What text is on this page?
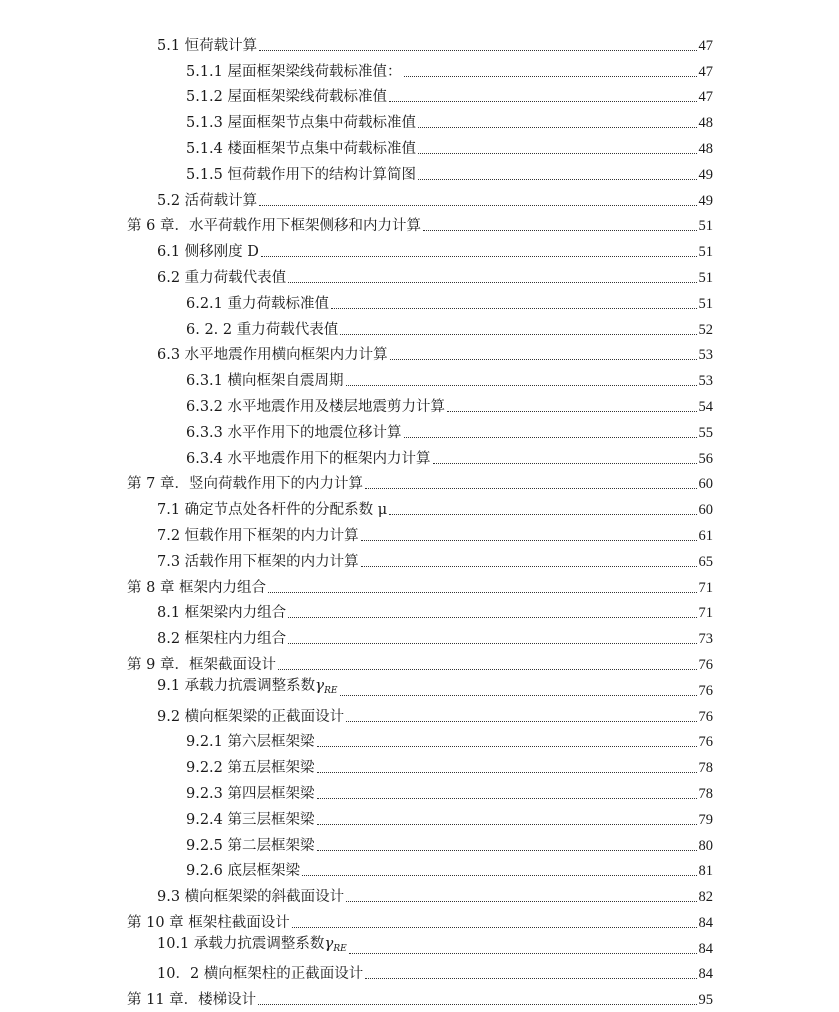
5.1 恒荷载计算	47
5.1.1 屋面框架梁线荷载标准值：	47
5.1.2 屋面框架梁线荷载标准值	47
5.1.3 屋面框架节点集中荷载标准值	48
5.1.4 楼面框架节点集中荷载标准值	48
5.1.5 恒荷载作用下的结构计算简图	49
5.2 活荷载计算	49
第 6 章．水平荷载作用下框架侧移和内力计算	51
6.1 侧移刚度 D	51
6.2 重力荷载代表值	51
6.2.1 重力荷载标准值	51
6. 2. 2 重力荷载代表值	52
6.3 水平地震作用横向框架内力计算	53
6.3.1 横向框架自震周期	53
6.3.2 水平地震作用及楼层地震剪力计算	54
6.3.3 水平作用下的地震位移计算	55
6.3.4 水平地震作用下的框架内力计算	56
第 7 章．竖向荷载作用下的内力计算	60
7.1 确定节点处各杆件的分配系数 μ	60
7.2 恒载作用下框架的内力计算	61
7.3 活载作用下框架的内力计算	65
第 8 章 框架内力组合	71
8.1 框架梁内力组合	71
8.2 框架柱内力组合	73
第 9 章．框架截面设计	76
9.1 承载力抗震调整系数$\gamma_{RE}$	76
9.2 横向框架梁的正截面设计	76
9.2.1 第六层框架梁	76
9.2.2 第五层框架梁	78
9.2.3 第四层框架梁	78
9.2.4 第三层框架梁	79
9.2.5 第二层框架梁	80
9.2.6 底层框架梁	81
9.3 横向框架梁的斜截面设计	82
第 10 章 框架柱截面设计	84
10.1 承载力抗震调整系数$\gamma_{RE}$	84
10．2 横向框架柱的正截面设计	84
第 11 章．楼梯设计	95
